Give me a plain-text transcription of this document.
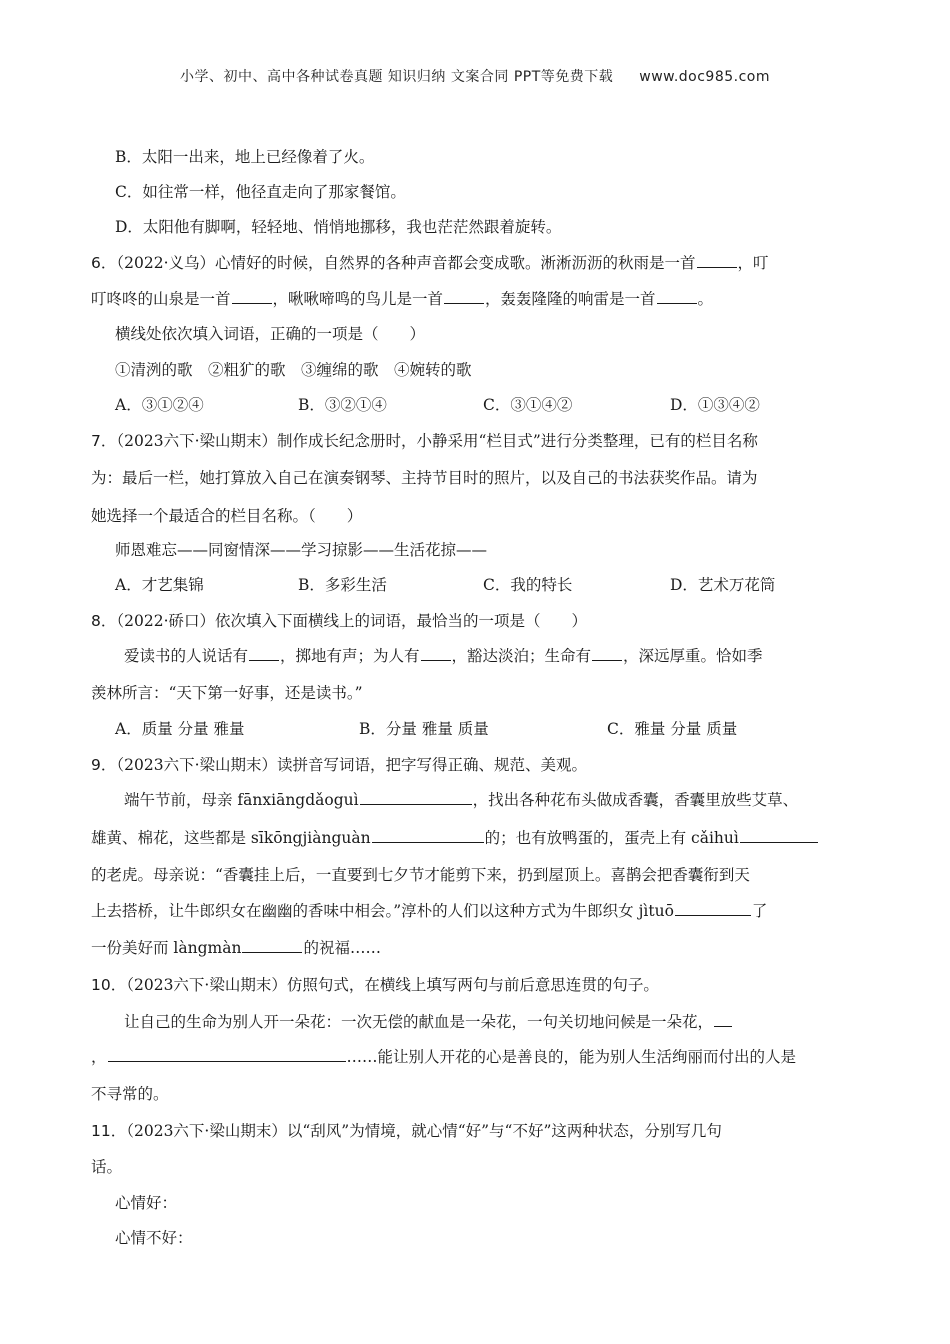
小学、初中、高中各种试卷真题 知识归纳 文案合同 PPT等免费下载 www.doc985.com
B．太阳一出来，地上已经像着了火。
C．如往常一样，他径直走向了那家餐馆。
D．太阳他有脚啊，轻轻地、悄悄地挪移，我也茫茫然跟着旋转。
6．（2022·义乌）心情好的时候，自然界的各种声音都会变成歌。淅淅沥沥的秋雨是一首	，叮
叮咚咚的山泉是一首	，啾啾啼鸣的鸟儿是一首	，轰轰隆隆的响雷是一首	。
横线处依次填入词语，正确的一项是（　　）
①清洌的歌　②粗犷的歌　③缠绵的歌　④婉转的歌
A．③①②④	B．③②①④	C．③①④②	D．①③④②
7．（2023六下·梁山期末）制作成长纪念册时，小静采用“栏目式”进行分类整理，已有的栏目名称
为：最后一栏，她打算放入自己在演奏钢琴、主持节目时的照片，以及自己的书法获奖作品。请为
她选择一个最适合的栏目名称。（　　）
师恩难忘——同窗情深——学习掠影——生活花掠——
A．才艺集锦	B．多彩生活	C．我的特长	D．艺术万花筒
8．（2022·硚口）依次填入下面横线上的词语，最恰当的一项是（　　）
爱读书的人说话有 ，掷地有声；为人有 ，豁达淡泊；生命有 ，深远厚重。恰如季
羡林所言：“天下第一好事，还是读书。”
A．质量 分量 雅量	B．分量 雅量 质量	C．雅量 分量 质量
9．（2023六下·梁山期末）读拼音写词语，把字写得正确、规范、美观。
端午节前，母亲 fānxiāngdǎoguì	，找出各种花布头做成香囊，香囊里放些艾草、
雄黄、棉花，这些都是 sīkōngjiànguàn	的；也有放鸭蛋的，蛋壳上有 cǎihuì
的老虎。母亲说：“香囊挂上后，一直要到七夕节才能剪下来，扔到屋顶上。喜鹊会把香囊衔到天
上去搭桥，让牛郎织女在幽幽的香味中相会。”淳朴的人们以这种方式为牛郎织女 jìtuō	了
一份美好而 làngmàn	的祝福……
10．（2023六下·梁山期末）仿照句式，在横线上填写两句与前后意思连贯的句子。
让自己的生命为别人开一朵花：一次无偿的献血是一朵花，一句关切地问候是一朵花，
，	……能让别人开花的心是善良的，能为别人生活绚丽而付出的人是
不寻常的。
11．（2023六下·梁山期末）以“刮风”为情境，就心情“好”与“不好”这两种状态，分别写几句
话。
心情好：
心情不好：
